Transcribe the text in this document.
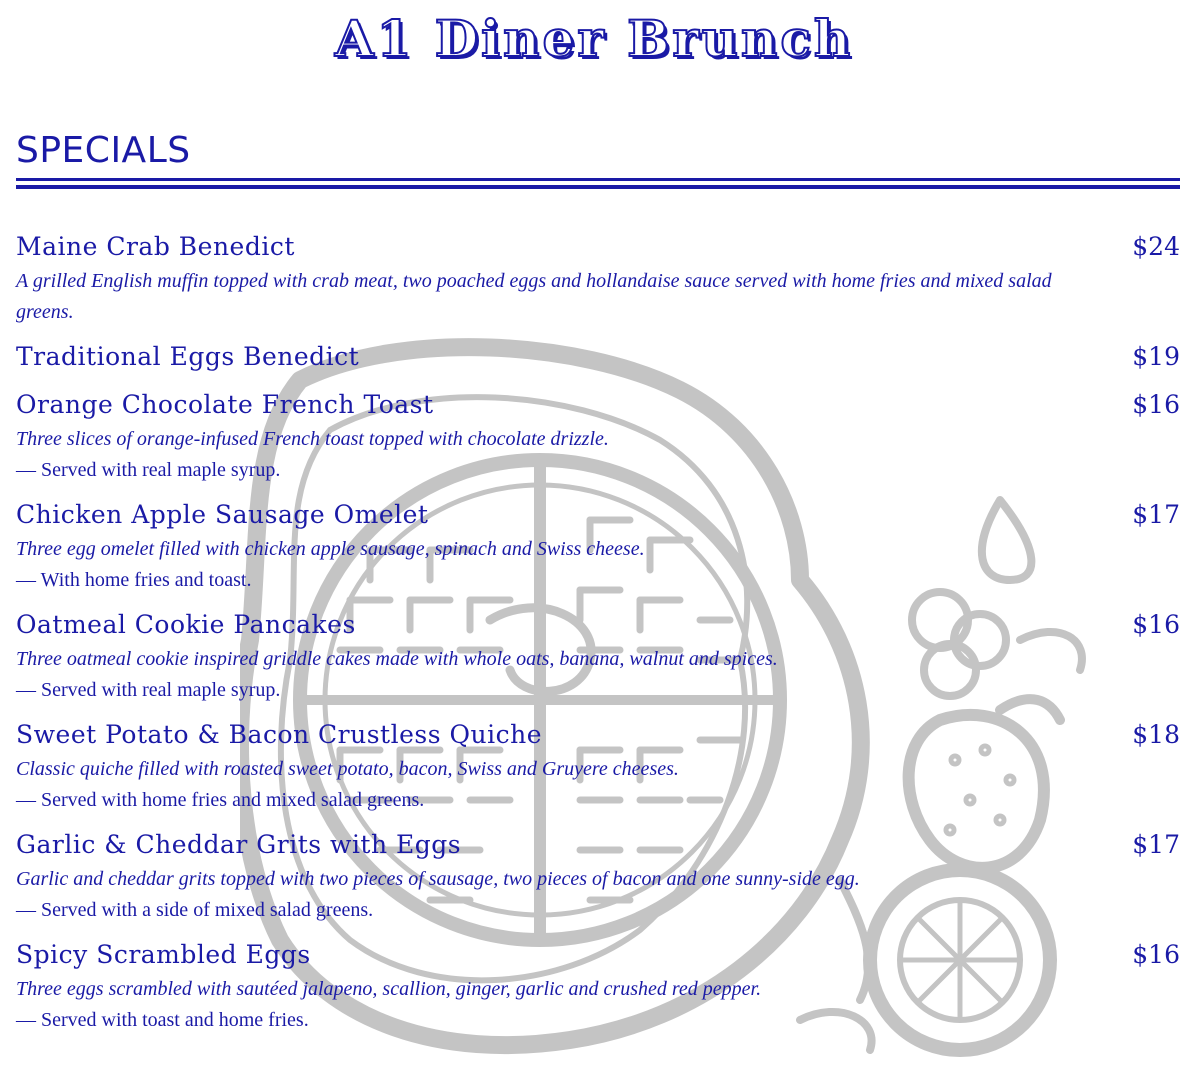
A1 Diner Brunch
SPECIALS
Maine Crab Benedict	$24
A grilled English muffin topped with crab meat, two poached eggs and hollandaise sauce served with home fries and mixed salad greens.
Traditional Eggs Benedict	$19
Orange Chocolate French Toast	$16
Three slices of orange-infused French toast topped with chocolate drizzle.
— Served with real maple syrup.
Chicken Apple Sausage Omelet	$17
Three egg omelet filled with chicken apple sausage, spinach and Swiss cheese.
— With home fries and toast.
Oatmeal Cookie Pancakes	$16
Three oatmeal cookie inspired griddle cakes made with whole oats, banana, walnut and spices.
— Served with real maple syrup.
Sweet Potato & Bacon Crustless Quiche	$18
Classic quiche filled with roasted sweet potato, bacon, Swiss and Gruyere cheeses.
— Served with home fries and mixed salad greens.
Garlic & Cheddar Grits with Eggs	$17
Garlic and cheddar grits topped with two pieces of sausage, two pieces of bacon and one sunny-side egg.
— Served with a side of mixed salad greens.
Spicy Scrambled Eggs	$16
Three eggs scrambled with sautéed jalapeno, scallion, ginger, garlic and crushed red pepper.
— Served with toast and home fries.
